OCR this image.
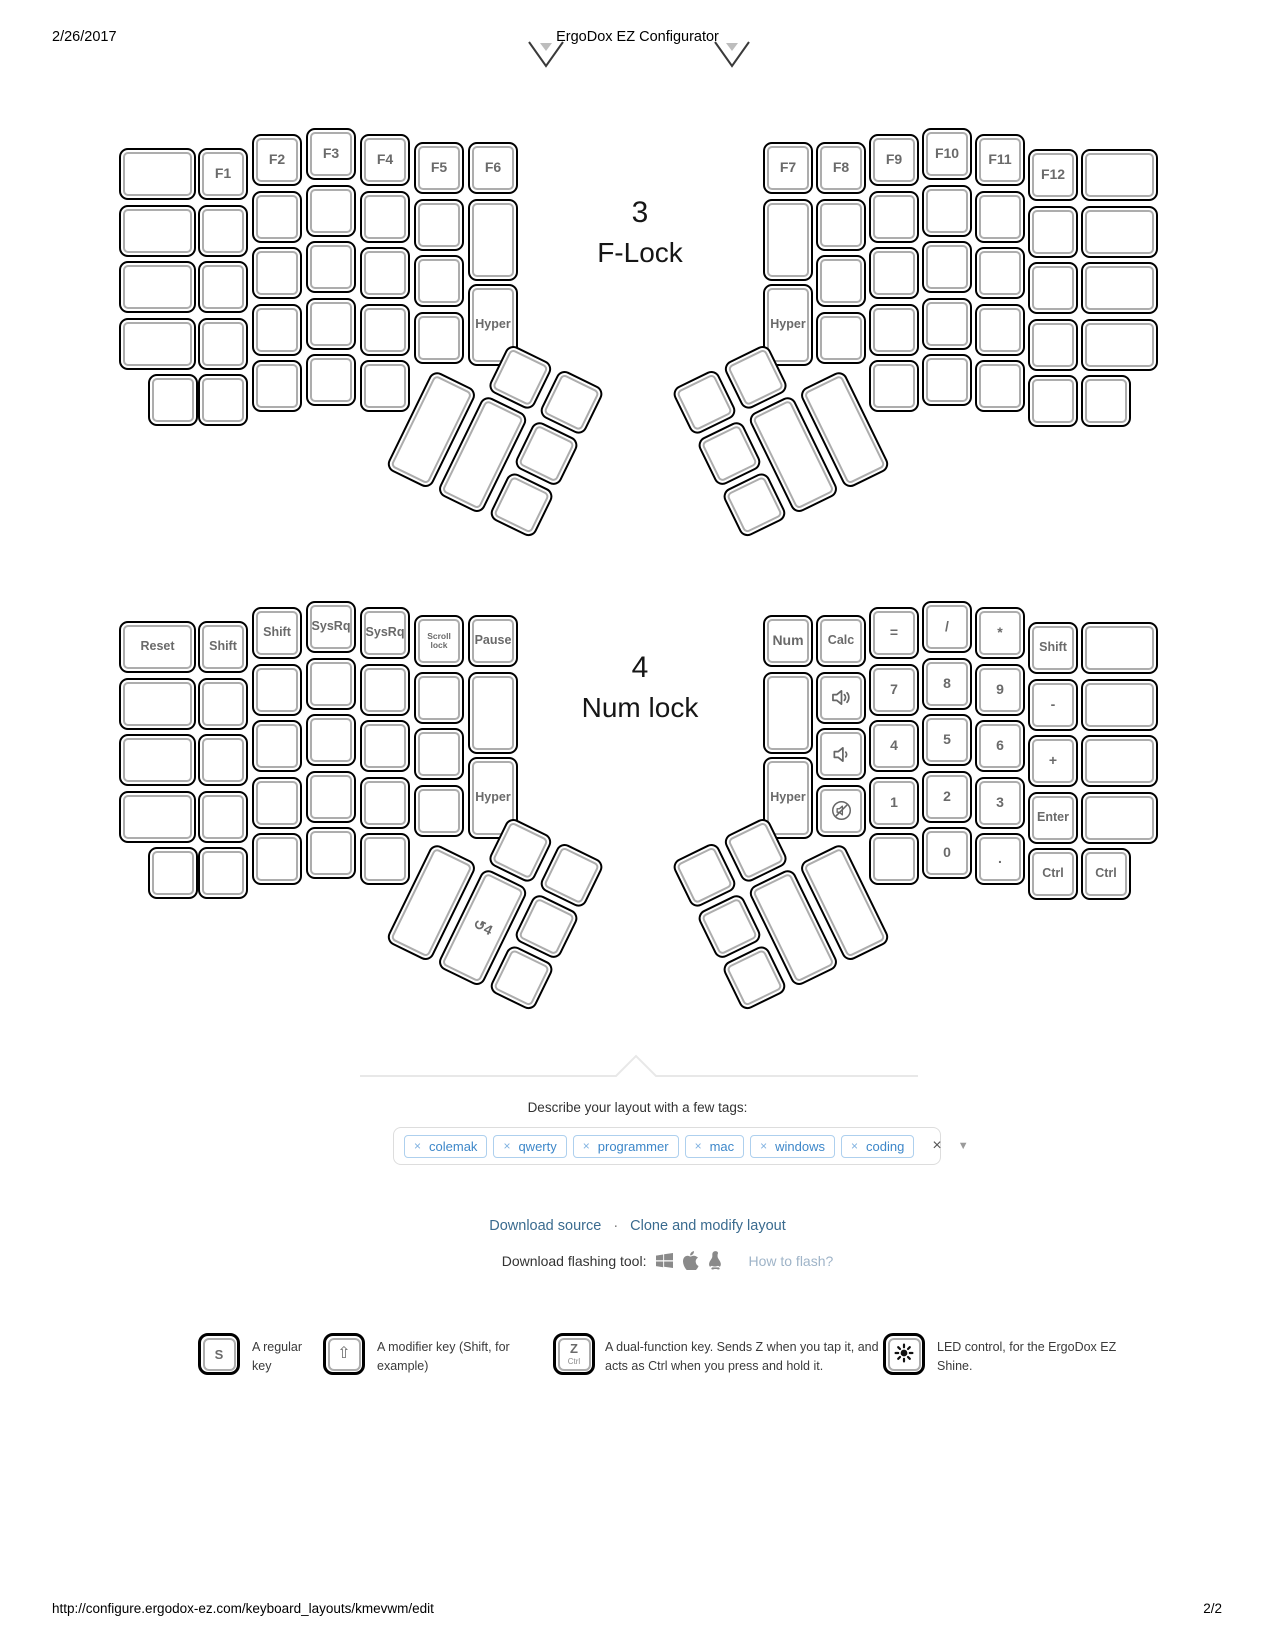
2/26/2017	ErgoDox EZ Configurator
3
F-Lock
F1
F2	F3	F4	F5	F6
Hyper
F7
Hyper
F8	F9 F10 F11
F12
4
Num lock
Reset	Shift
Shift SysRq SysRq	Scroll lock	Pause
Hyper
↺4
Num
Hyper
Calc	=
7
4
1
/
8
5
2
0
*
9
6
3
.
Shift
-
+
Enter
Ctrl	Ctrl
Describe your layout with a few tags:
× colemak × qwerty × programmer × mac × windows × coding × ▼
Download source · Clone and modify layout
Download flashing tool:	How to flash?
S A regular key
⇧ A modifier key (Shift, for example)
Z
Ctrl
A dual-function key. Sends Z when you tap it, and acts as Ctrl when you press and hold it.
LED control, for the ErgoDox EZ Shine.
http://configure.ergodox-ez.com/keyboard_layouts/kmevwm/edit	2/2
